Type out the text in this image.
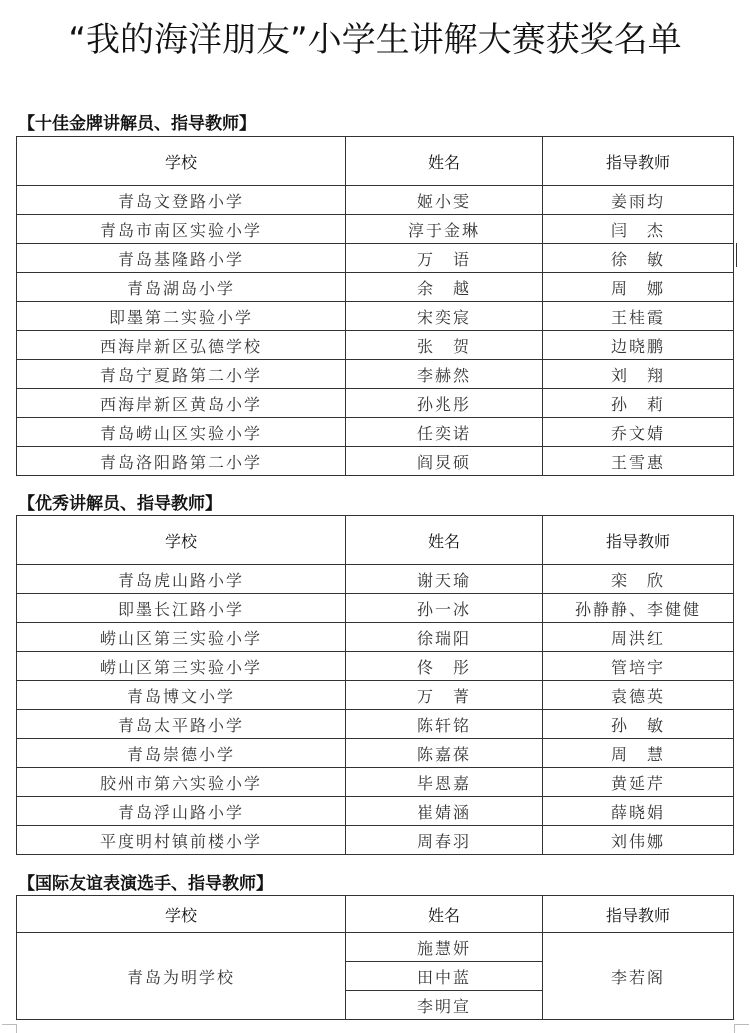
“我的海洋朋友”小学生讲解大赛获奖名单
【十佳金牌讲解员、指导教师】
学校	姓名	指导教师
青岛文登路小学	姬小雯	姜雨均
青岛市南区实验小学	淳于金琳	闫　杰
青岛基隆路小学	万　语	徐　敏
青岛湖岛小学	余　越	周　娜
即墨第二实验小学	宋奕宸	王桂霞
西海岸新区弘德学校	张　贺	边晓鹏
青岛宁夏路第二小学	李赫然	刘　翔
西海岸新区黄岛小学	孙兆彤	孙　莉
青岛崂山区实验小学	任奕诺	乔文婧
青岛洛阳路第二小学	阎炅硕	王雪惠
【优秀讲解员、指导教师】
学校	姓名	指导教师
青岛虎山路小学	谢天瑜	栾　欣
即墨长江路小学	孙一冰	孙静静、李健健
崂山区第三实验小学	徐瑞阳	周洪红
崂山区第三实验小学	佟　彤	管培宇
青岛博文小学	万　菁	袁德英
青岛太平路小学	陈轩铭	孙　敏
青岛崇德小学	陈嘉葆	周　慧
胶州市第六实验小学	毕恩嘉	黄延芹
青岛浮山路小学	崔婧涵	薛晓娟
平度明村镇前楼小学	周春羽	刘伟娜
【国际友谊表演选手、指导教师】
学校	姓名	指导教师
青岛为明学校	施慧妍	李若阁
	田中蓝	
	李明宣	
